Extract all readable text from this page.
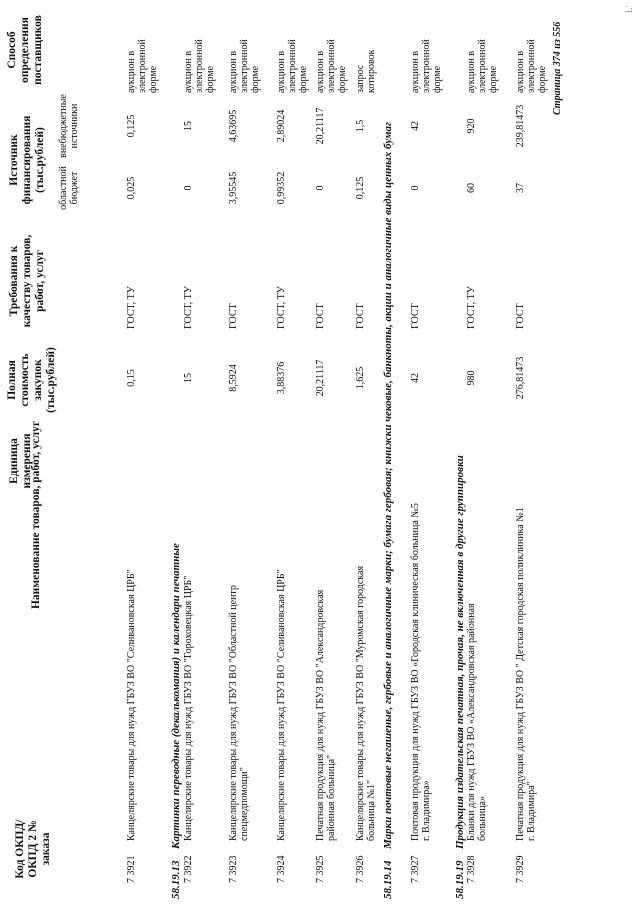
Код ОКПД/ ОКПД 2 № заказа
Наименование товаров, работ, услуг
Единица измерения
Полная стоимость закупок (тыс.рублей)
Требования к качеству товаров, работ, услуг
Источник финансирования (тыс.рублей) областной бюджет
внебюджетные источники
Способ определения поставщиков
7 3921
Канцелярские товары для нужд ГБУЗ ВО "Селивановская ЦРБ"
0,15
ГОСТ, ТУ
0,025
0,125
аукцион в электронной форме
58.19.13
Картинки переводные (декалькомания) и календари печатные
7 3922
Канцелярские товары для нужд ГБУЗ ВО "Гороховецкая ЦРБ"
15
ГОСТ, ТУ
0
15
аукцион в электронной форме
7 3923
Канцелярские товары для нужд ГБУЗ ВО "Областной центр спецмедпомощи"
8,5924
ГОСТ
3,95545
4,63695
аукцион в электронной форме
7 3924
Канцелярские товары для нужд ГБУЗ ВО "Селивановская ЦРБ"
3,88376
ГОСТ, ТУ
0,99352
2,89024
аукцион в электронной форме
7 3925
Печатная продукция для нужд ГБУЗ ВО "Александровская районная больница"
20,21117
ГОСТ
0
20,21117
аукцион в электронной форме
7 3926
Канцелярские товары для нужд ГБУЗ ВО "Муромская городская больница №1"
1,625
ГОСТ
0,125
1,5
запрос котировок
58.19.14
Марки почтовые негашеные, гербовые и аналогичные марки; бумага гербовая; книжки чековые, банкноты, акции и аналогичные виды ценных бумаг
7 3927
Почтовая продукция для нужд ГБУЗ ВО «Городская клиническая больница №5 г. Владимира»
42
ГОСТ
0
42
аукцион в электронной форме
58.19.19
Продукция издательская печатная, прочая, не включенная в другие группировки
7 3928
Бланки для нужд ГБУЗ ВО «Александровская районная больница»
980
ГОСТ, ТУ
60
920
аукцион в электронной форме
7 3929
Печатная продукция для нужд ГБУЗ ВО " Детская городская поликлиника №1 г. Владимира"
276,81473
ГОСТ
37
239,81473
аукцион в электронной форме Страница 374 из 556
L'
